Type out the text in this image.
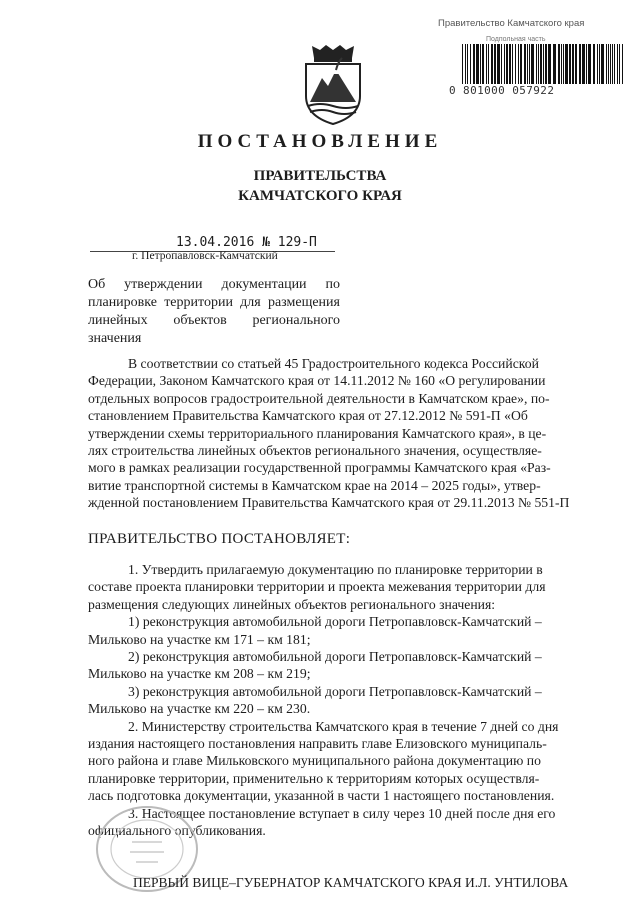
Правительство Камчатского края
Подпольная часть
0 801000 057922
ПОСТАНОВЛЕНИЕ
ПРАВИТЕЛЬСТВА
КАМЧАТСКОГО КРАЯ
13.04.2016 № 129-П
г. Петропавловск-Камчатский
Об утверждении документации по планировке территории для размещения линейных объектов регионального значения

В соответствии со статьей 45 Градостроительного кодекса Российской
Федерации, Законом Камчатского края от 14.11.2012 № 160 «О регулировании
отдельных вопросов градостроительной деятельности в Камчатском крае», по-
становлением Правительства Камчатского края от 27.12.2012 № 591-П «Об
утверждении схемы территориального планирования Камчатского края», в це-
лях строительства линейных объектов регионального значения, осуществляе-
мого в рамках реализации государственной программы Камчатского края «Раз-
витие транспортной системы в Камчатском крае на 2014 – 2025 годы», утвер-
жденной постановлением Правительства Камчатского края от 29.11.2013 № 551-П

ПРАВИТЕЛЬСТВО ПОСТАНОВЛЯЕТ:

1. Утвердить прилагаемую документацию по планировке территории в
составе проекта планировки территории и проекта межевания территории для
размещения следующих линейных объектов регионального значения:
1) реконструкция автомобильной дороги Петропавловск-Камчатский –
Мильково на участке км 171 – км 181;
2) реконструкция автомобильной дороги Петропавловск-Камчатский –
Мильково на участке км 208 – км 219;
3) реконструкция автомобильной дороги Петропавловск-Камчатский –
Мильково на участке км 220 – км 230.
2. Министерству строительства Камчатского края в течение 7 дней со дня
издания настоящего постановления направить главе Елизовского муниципаль-
ного района и главе Мильковского муниципального района документацию по
планировке территории, применительно к территориям которых осуществля-
лась подготовка документации, указанной в части 1 настоящего постановления.
3. Настоящее постановление вступает в силу через 10 дней после дня его
официального опубликования.

ПЕРВЫЙ ВИЦЕ–ГУБЕРНАТОР КАМЧАТСКОГО КРАЯ И.Л. УНТИЛОВА
